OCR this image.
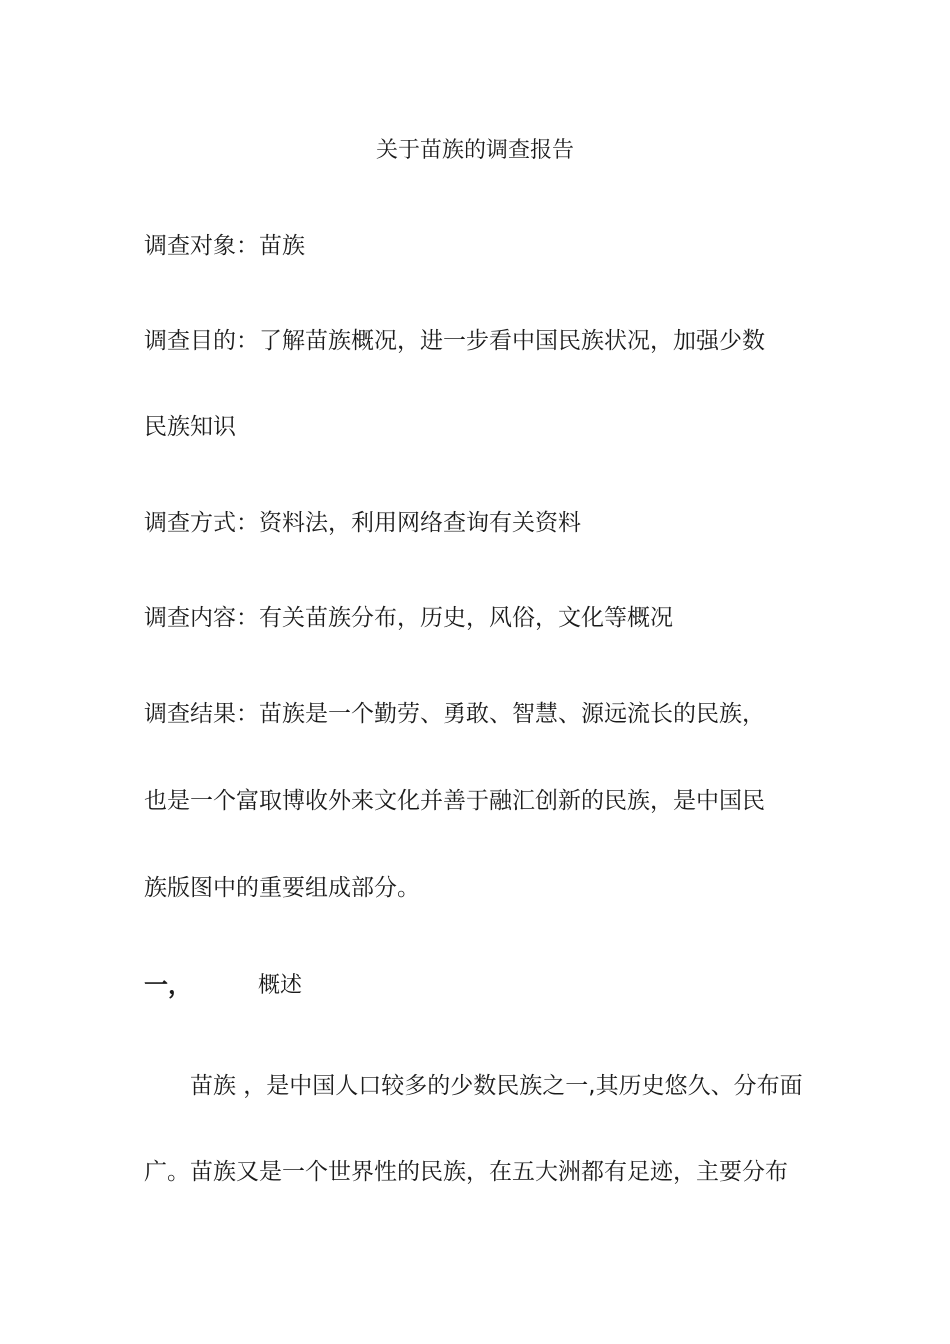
关于苗族的调查报告
调查对象：苗族
调查目的：了解苗族概况，进一步看中国民族状况，加强少数
民族知识
调查方式：资料法，利用网络查询有关资料
调查内容：有关苗族分布，历史，风俗，文化等概况
调查结果：苗族是一个勤劳、勇敢、智慧、源远流长的民族，
也是一个富取博收外来文化并善于融汇创新的民族，是中国民
族版图中的重要组成部分。
一，	概述
苗族 ，是中国人口较多的少数民族之一,其历史悠久、分布面
广。苗族又是一个世界性的民族，在五大洲都有足迹，主要分布
